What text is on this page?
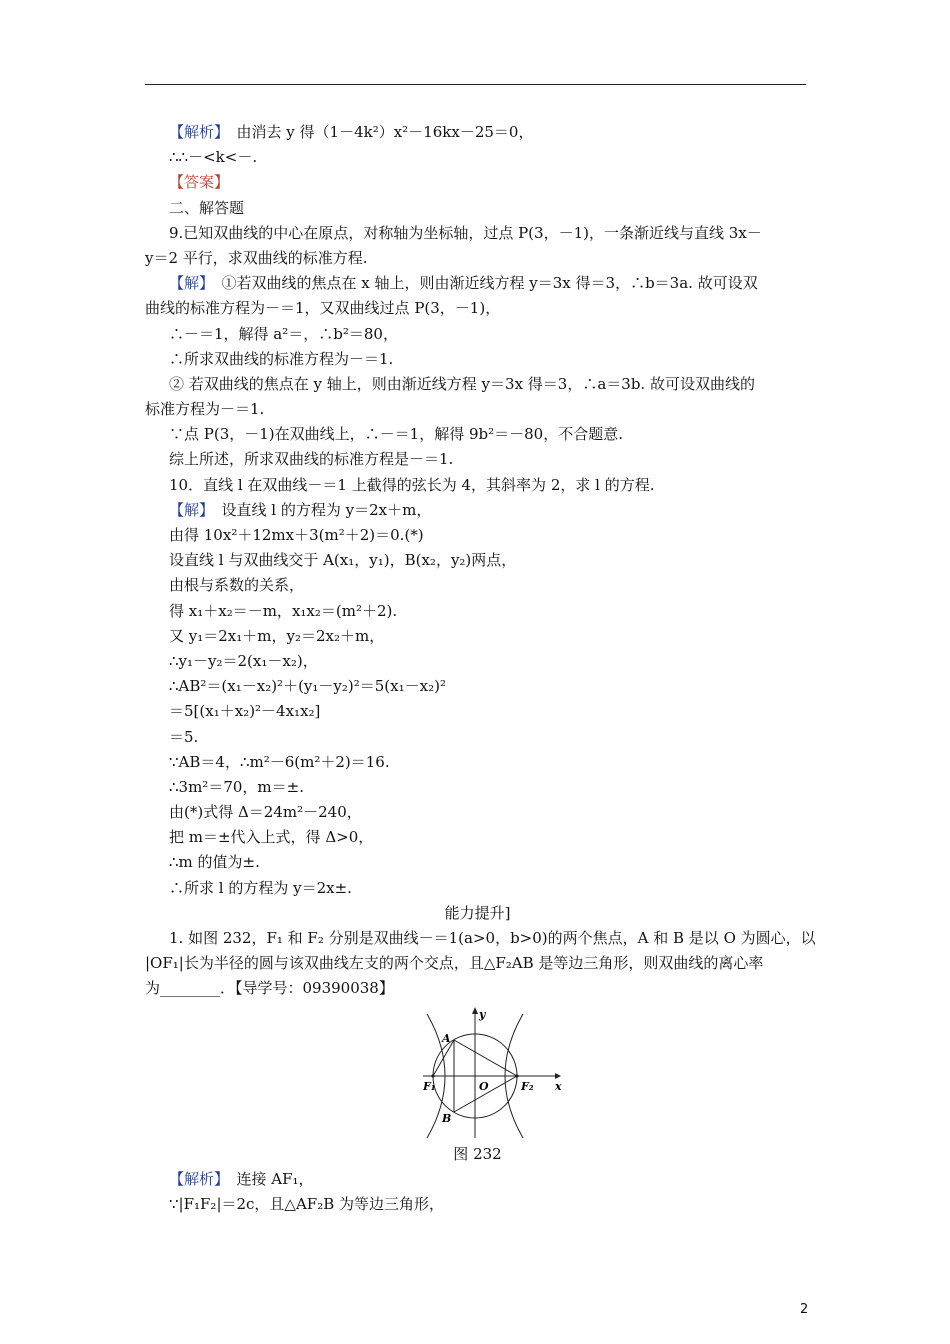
【解析】　由消去 y 得（1－4k²）x²－16kx－25＝0，
∴∴－<k<－.
【答案】
二、解答题
9.已知双曲线的中心在原点，对称轴为坐标轴，过点 P(3，－1)，一条渐近线与直线 3x－
y＝2 平行，求双曲线的标准方程.
【解】　①若双曲线的焦点在 x 轴上，则由渐近线方程 y＝3x 得＝3，∴b＝3a. 故可设双
曲线的标准方程为－＝1，又双曲线过点 P(3，－1)，
∴－＝1，解得 a²＝，∴b²＝80，
∴所求双曲线的标准方程为－＝1.
② 若双曲线的焦点在 y 轴上，则由渐近线方程 y＝3x 得＝3，∴a＝3b. 故可设双曲线的
标准方程为－＝1.
∵点 P(3，－1)在双曲线上，∴－＝1，解得 9b²＝－80，不合题意.
综上所述，所求双曲线的标准方程是－＝1.
10．直线 l 在双曲线－＝1 上截得的弦长为 4，其斜率为 2，求 l 的方程.
【解】　设直线 l 的方程为 y＝2x＋m，
由得 10x²＋12mx＋3(m²＋2)＝0.(*)
设直线 l 与双曲线交于 A(x₁，y₁)，B(x₂，y₂)两点，
由根与系数的关系，
得 x₁＋x₂＝－m，x₁x₂＝(m²＋2).
又 y₁＝2x₁＋m，y₂＝2x₂＋m，
∴y₁－y₂＝2(x₁－x₂)，
∴AB²＝(x₁－x₂)²＋(y₁－y₂)²＝5(x₁－x₂)²
＝5[(x₁＋x₂)²－4x₁x₂]
＝5.
∵AB＝4，∴m²－6(m²＋2)＝16.
∴3m²＝70，m＝±.
由(*)式得 Δ＝24m²－240，
把 m＝±代入上式，得 Δ>0，
∴m 的值为±.
∴所求 l 的方程为 y＝2x±.
能力提升]
1. 如图 232，F₁ 和 F₂ 分别是双曲线－＝1(a>0，b>0)的两个焦点，A 和 B 是以 O 为圆心，以
|OF₁|长为半径的圆与该双曲线左支的两个交点，且△F₂AB 是等边三角形，则双曲线的离心率
为________．【导学号：09390038】
y
x
A
B
O
F₁	F₂
图 232
【解析】　连接 AF₁，
∵|F₁F₂|＝2c，且△AF₂B 为等边三角形，
2
